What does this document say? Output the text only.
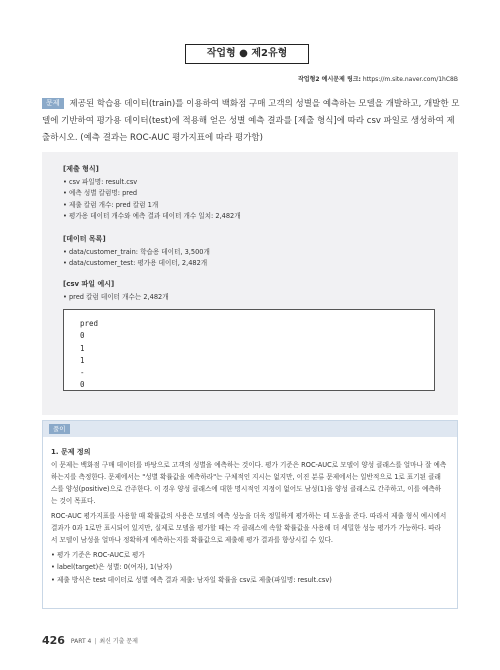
작업형 ● 제2유형
작업형2 예시문제 링크: https://m.site.naver.com/1hC8B
문제 제공된 학습용 데이터(train)를 이용하여 백화점 구매 고객의 성별을 예측하는 모델을 개발하고, 개발한 모델에 기반하여 평가용 데이터(test)에 적용해 얻은 성별 예측 결과를 [제출 형식]에 따라 csv 파일로 생성하여 제출하시오. (예측 결과는 ROC-AUC 평가지표에 따라 평가함)
[제출 형식]
• csv 파일명: result.csv
• 예측 성별 칼럼명: pred
• 제출 칼럼 개수: pred 칼럼 1개
• 평가용 데이터 개수와 예측 결과 데이터 개수 일치: 2,482개
[데이터 목록]
• data/customer_train: 학습용 데이터, 3,500개
• data/customer_test: 평가용 데이터, 2,482개
[csv 파일 예시]
• pred 칼럼 데이터 개수는 2,482개
pred
0
1
1
-
0
풀이
1. 문제 정의

이 문제는 백화점 구매 데이터를 바탕으로 고객의 성별을 예측하는 것이다. 평가 기준은 ROC-AUC로 모델이 양성 클래스를 얼마나 잘 예측하는지를 측정한다. 문제에서는 "성별 확률값을 예측하라"는 구체적인 지시는 없지만, 이진 분류 문제에서는 일반적으로 1로 표기된 클래스를 양성(positive)으로 간주한다. 이 경우 양성 클래스에 대한 명시적인 지정이 없어도 남성(1)을 양성 클래스로 간주하고, 이를 예측하는 것이 목표다.

ROC-AUC 평가지표를 사용할 때 확률값의 사용은 모델의 예측 성능을 더욱 정밀하게 평가하는 데 도움을 준다. 따라서 제출 형식 예시에서 결과가 0과 1로만 표시되어 있지만, 실제로 모델을 평가할 때는 각 클래스에 속할 확률값을 사용해 더 세밀한 성능 평가가 가능하다. 따라서 모델이 남성을 얼마나 정확하게 예측하는지를 확률값으로 제출해 평가 결과를 향상시킬 수 있다.

• 평가 기준은 ROC-AUC로 평가
• label(target)은 성별: 0(여자), 1(남자)
• 제출 방식은 test 데이터로 성별 예측 결과 제출: 남자일 확률을 csv로 제출(파일명: result.csv)
426 PART 4 | 최신 기출 문제
